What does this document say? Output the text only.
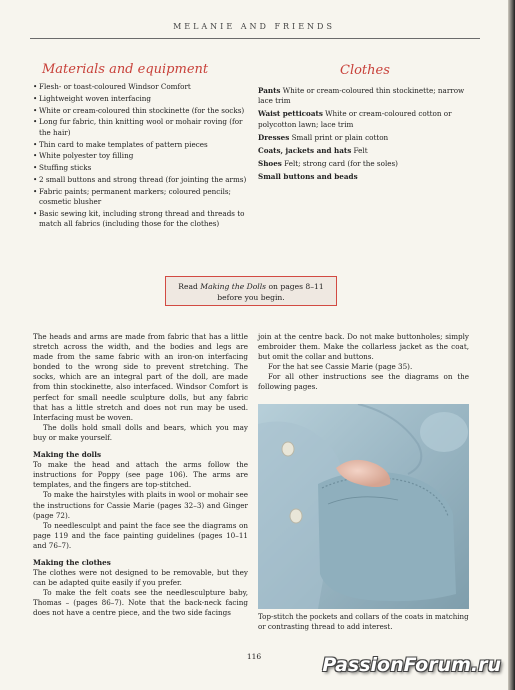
MELANIE AND FRIENDS
Materials and equipment
• Flesh- or toast-coloured Windsor Comfort
• Lightweight woven interfacing
• White or cream-coloured thin stockinette (for the socks)
• Long fur fabric, thin knitting wool or mohair roving (for the hair)
• Thin card to make templates of pattern pieces
• White polyester toy filling
• Stuffing sticks
• 2 small buttons and strong thread (for jointing the arms)
• Fabric paints; permanent markers; coloured pencils; cosmetic blusher
• Basic sewing kit, including strong thread and threads to match all fabrics (including those for the clothes)
Clothes
Pants White or cream-coloured thin stockinette; narrow lace trim
Waist petticoats White or cream-coloured cotton or polycotton lawn; lace trim
Dresses Small print or plain cotton
Coats, jackets and hats Felt
Shoes Felt; strong card (for the soles)
Small buttons and beads
Read Making the Dolls on pages 8–11 before you begin.

The heads and arms are made from fabric that has a little stretch across the width, and the bodies and legs are made from the same fabric with an iron-on interfacing bonded to the wrong side to prevent stretching. The socks, which are an integral part of the doll, are made from thin stockinette, also interfaced. Windsor Comfort is perfect for small needle sculpture dolls, but any fabric that has a little stretch and does not run may be used. Interfacing must be woven.

The dolls hold small dolls and bears, which you may buy or make yourself.

Making the dolls

To make the head and attach the arms follow the instructions for Poppy (see page 106). The arms are templates, and the fingers are top-stitched.

To make the hairstyles with plaits in wool or mohair see the instructions for Cassie Marie (pages 32–3) and Ginger (page 72).

To needlesculpt and paint the face see the diagrams on page 119 and the face painting guidelines (pages 10–11 and 76–7).

Making the clothes

The clothes were not designed to be removable, but they can be adapted quite easily if you prefer.

To make the felt coats see the needlesculpture baby, Thomas – (pages 86–7). Note that the back-neck facing does not have a centre piece, and the two side facings

join at the centre back. Do not make buttonholes; simply embroider them. Make the collarless jacket as the coat, but omit the collar and buttons.

For the hat see Cassie Marie (page 35).

For all other instructions see the diagrams on the following pages.

Top-stitch the pockets and collars of the coats in matching or contrasting thread to add interest.
116	PassionForum.ru
